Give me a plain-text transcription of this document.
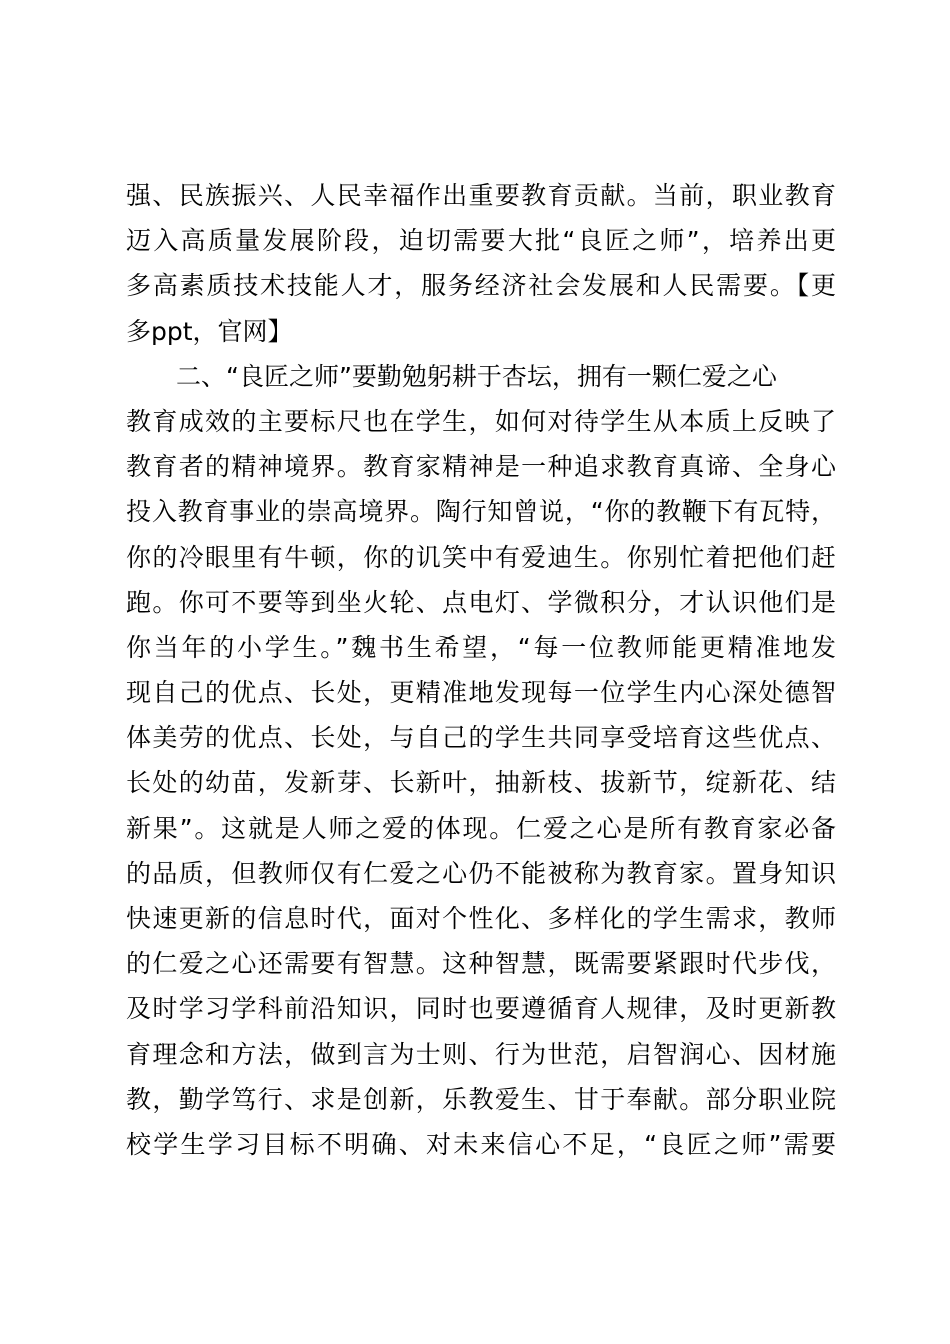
强、民族振兴、人民幸福作出重要教育贡献。当前，职业教育
迈入高质量发展阶段，迫切需要大批“良匠之师”，培养出更
多高素质技术技能人才，服务经济社会发展和人民需要。【更
多ppt，官网】
　　二、“良匠之师”要勤勉躬耕于杏坛，拥有一颗仁爱之心
教育成效的主要标尺也在学生，如何对待学生从本质上反映了
教育者的精神境界。教育家精神是一种追求教育真谛、全身心
投入教育事业的崇高境界。陶行知曾说，“你的教鞭下有瓦特，
你的冷眼里有牛顿，你的讥笑中有爱迪生。你别忙着把他们赶
跑。你可不要等到坐火轮、点电灯、学微积分，才认识他们是
你当年的小学生。”魏书生希望，“每一位教师能更精准地发
现自己的优点、长处，更精准地发现每一位学生内心深处德智
体美劳的优点、长处，与自己的学生共同享受培育这些优点、
长处的幼苗，发新芽、长新叶，抽新枝、拔新节，绽新花、结
新果”。这就是人师之爱的体现。仁爱之心是所有教育家必备
的品质，但教师仅有仁爱之心仍不能被称为教育家。置身知识
快速更新的信息时代，面对个性化、多样化的学生需求，教师
的仁爱之心还需要有智慧。这种智慧，既需要紧跟时代步伐，
及时学习学科前沿知识，同时也要遵循育人规律，及时更新教
育理念和方法，做到言为士则、行为世范，启智润心、因材施
教，勤学笃行、求是创新，乐教爱生、甘于奉献。部分职业院
校学生学习目标不明确、对未来信心不足，“良匠之师”需要
